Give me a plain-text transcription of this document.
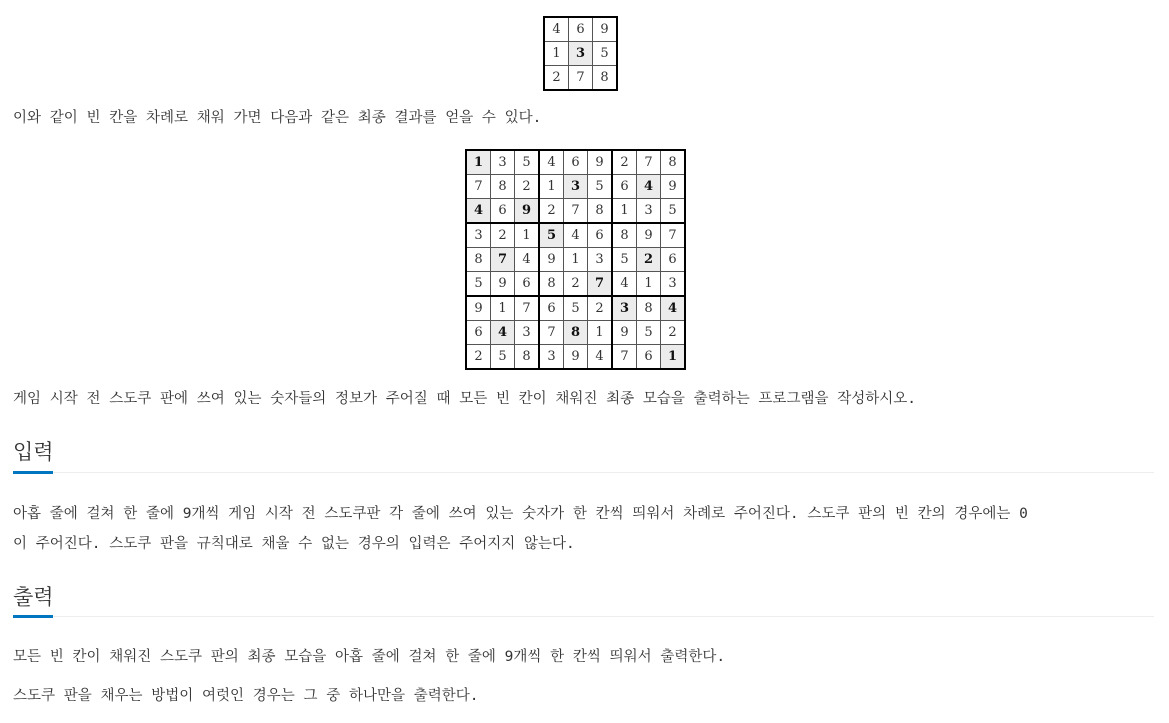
4	6	9
1	3	5
2	7	8

이와 같이 빈 칸을 차례로 채워 가면 다음과 같은 최종 결과를 얻을 수 있다.

1	3	5	4	6	9	2	7	8
7	8	2	1	3	5	6	4	9
4	6	9	2	7	8	1	3	5
3	2	1	5	4	6	8	9	7
8	7	4	9	1	3	5	2	6
5	9	6	8	2	7	4	1	3
9	1	7	6	5	2	3	8	4
6	4	3	7	8	1	9	5	2
2	5	8	3	9	4	7	6	1

게임 시작 전 스도쿠 판에 쓰여 있는 숫자들의 정보가 주어질 때 모든 빈 칸이 채워진 최종 모습을 출력하는 프로그램을 작성하시오.

입력

아홉 줄에 걸쳐 한 줄에 9개씩 게임 시작 전 스도쿠판 각 줄에 쓰여 있는 숫자가 한 칸씩 띄워서 차례로 주어진다. 스도쿠 판의 빈 칸의 경우에는 0

이 주어진다. 스도쿠 판을 규칙대로 채울 수 없는 경우의 입력은 주어지지 않는다.

출력

모든 빈 칸이 채워진 스도쿠 판의 최종 모습을 아홉 줄에 걸쳐 한 줄에 9개씩 한 칸씩 띄워서 출력한다.

스도쿠 판을 채우는 방법이 여럿인 경우는 그 중 하나만을 출력한다.
